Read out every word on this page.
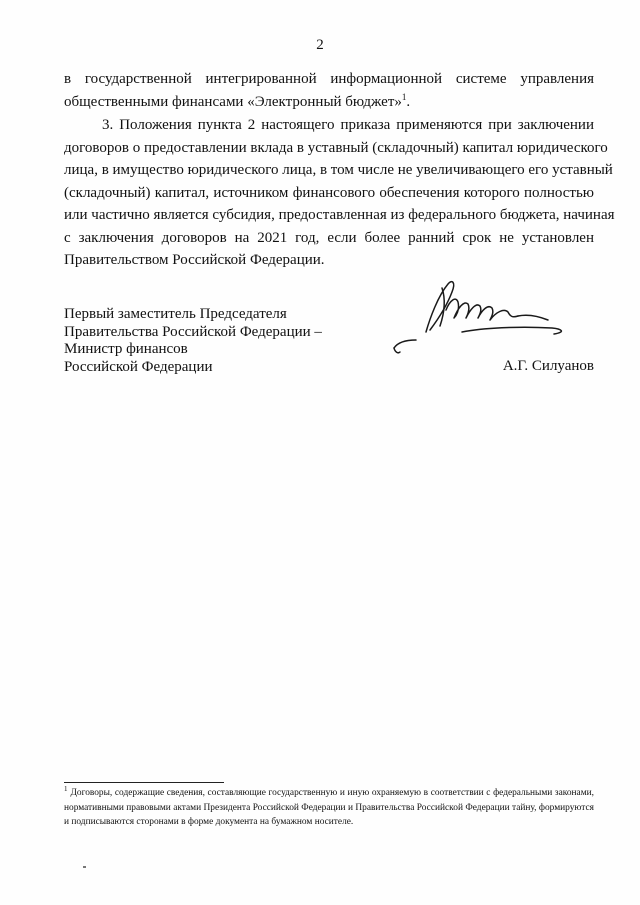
2
в государственной интегрированной информационной системе управления
общественными финансами «Электронный бюджет»$^1$.
3. Положения пункта 2 настоящего приказа применяются при заключении
договоров о предоставлении вклада в уставный (складочный) капитал юридического
лица, в имущество юридического лица, в том числе не увеличивающего его уставный
(складочный) капитал, источником финансового обеспечения которого полностью
или частично является субсидия, предоставленная из федерального бюджета, начиная
с заключения договоров на 2021 год, если более ранний срок не установлен
Правительством Российской Федерации.
Первый заместитель Председателя
Правительства Российской Федерации –
Министр финансов
Российской Федерации	А.Г. Силуанов
$^1$ Договоры, содержащие сведения, составляющие государственную и иную охраняемую в соответствии с федеральными законами, нормативными правовыми актами Президента Российской Федерации и Правительства Российской Федерации тайну, формируются и подписываются сторонами в форме документа на бумажном носителе.
